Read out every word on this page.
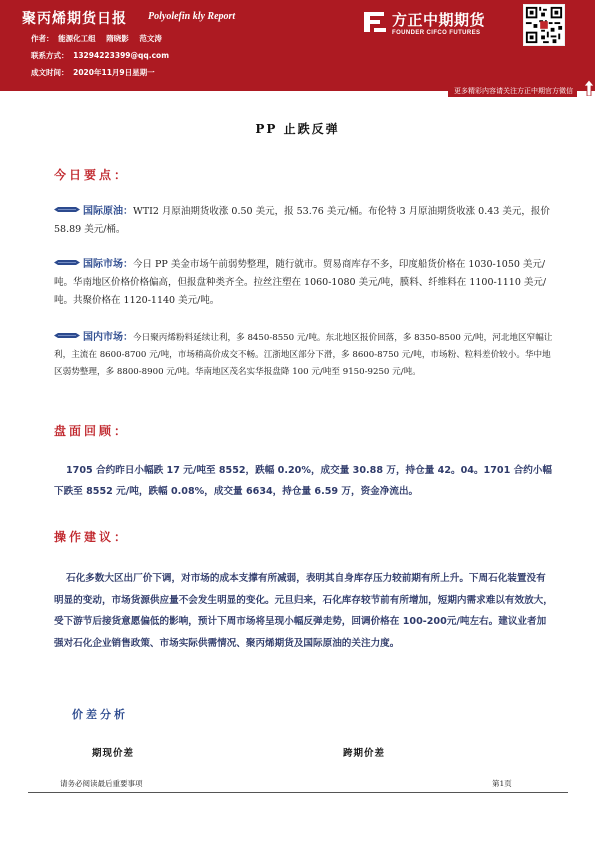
聚丙烯期货日报 Polyolefin kly Report
作者： 能源化工组 隋晓影 范文涛
联系方式： 13294223399@qq.com
成文时间： 2020年11月9日星期一
方正中期期货
FOUNDER CIFCO FUTURES
更多精彩内容请关注方正中期官方微信
PP 止跌反弹
今日要点：
国际原油：WTI2 月原油期货收涨 0.50 美元，报 53.76 美元/桶。布伦特 3 月原油期货收涨 0.43 美元，报价 58.89 美元/桶。
国际市场：今日 PP 美金市场午前弱势整理，随行就市。贸易商库存不多，印度船货价格在 1030-1050 美元/吨。华南地区价格价格偏高，但报盘种类齐全。拉丝注塑在 1060-1080 美元/吨，膜料、纤维料在 1100-1110 美元/吨。共聚价格在 1120-1140 美元/吨。
国内市场：今日聚丙烯粉料延续让利，多 8450-8550 元/吨。东北地区报价回落，多 8350-8500 元/吨，河北地区窄幅让利，主流在 8600-8700 元/吨，市场稍高价成交不畅。江浙地区部分下滑，多 8600-8750 元/吨，市场粉、粒料差价较小。华中地区弱势整理，多 8800-8900 元/吨。华南地区茂名实华报盘降 100 元/吨至 9150-9250 元/吨。
盘面回顾：
1705 合约昨日小幅跌 17 元/吨至 8552，跌幅 0.20%，成交量 30.88 万，持仓量 42。04。1701 合约小幅下跌至 8552 元/吨，跌幅 0.08%，成交量 6634，持仓量 6.59 万，资金净流出。
操作建议：
石化多数大区出厂价下调，对市场的成本支撑有所减弱，表明其自身库存压力较前期有所上升。下周石化装置没有明显的变动，市场货源供应量不会发生明显的变化。元旦归来，石化库存较节前有所增加，短期内需求难以有效放大， 受下游节后接货意愿偏低的影响，预计下周市场将呈现小幅反弹走势，回调价格在 100-200元/吨左右。建议业者加强对石化企业销售政策、市场实际供需情况、聚丙烯期货及国际原油的关注力度。
价差分析
期现价差	跨期价差
请务必阅读最后重要事项	第1页
